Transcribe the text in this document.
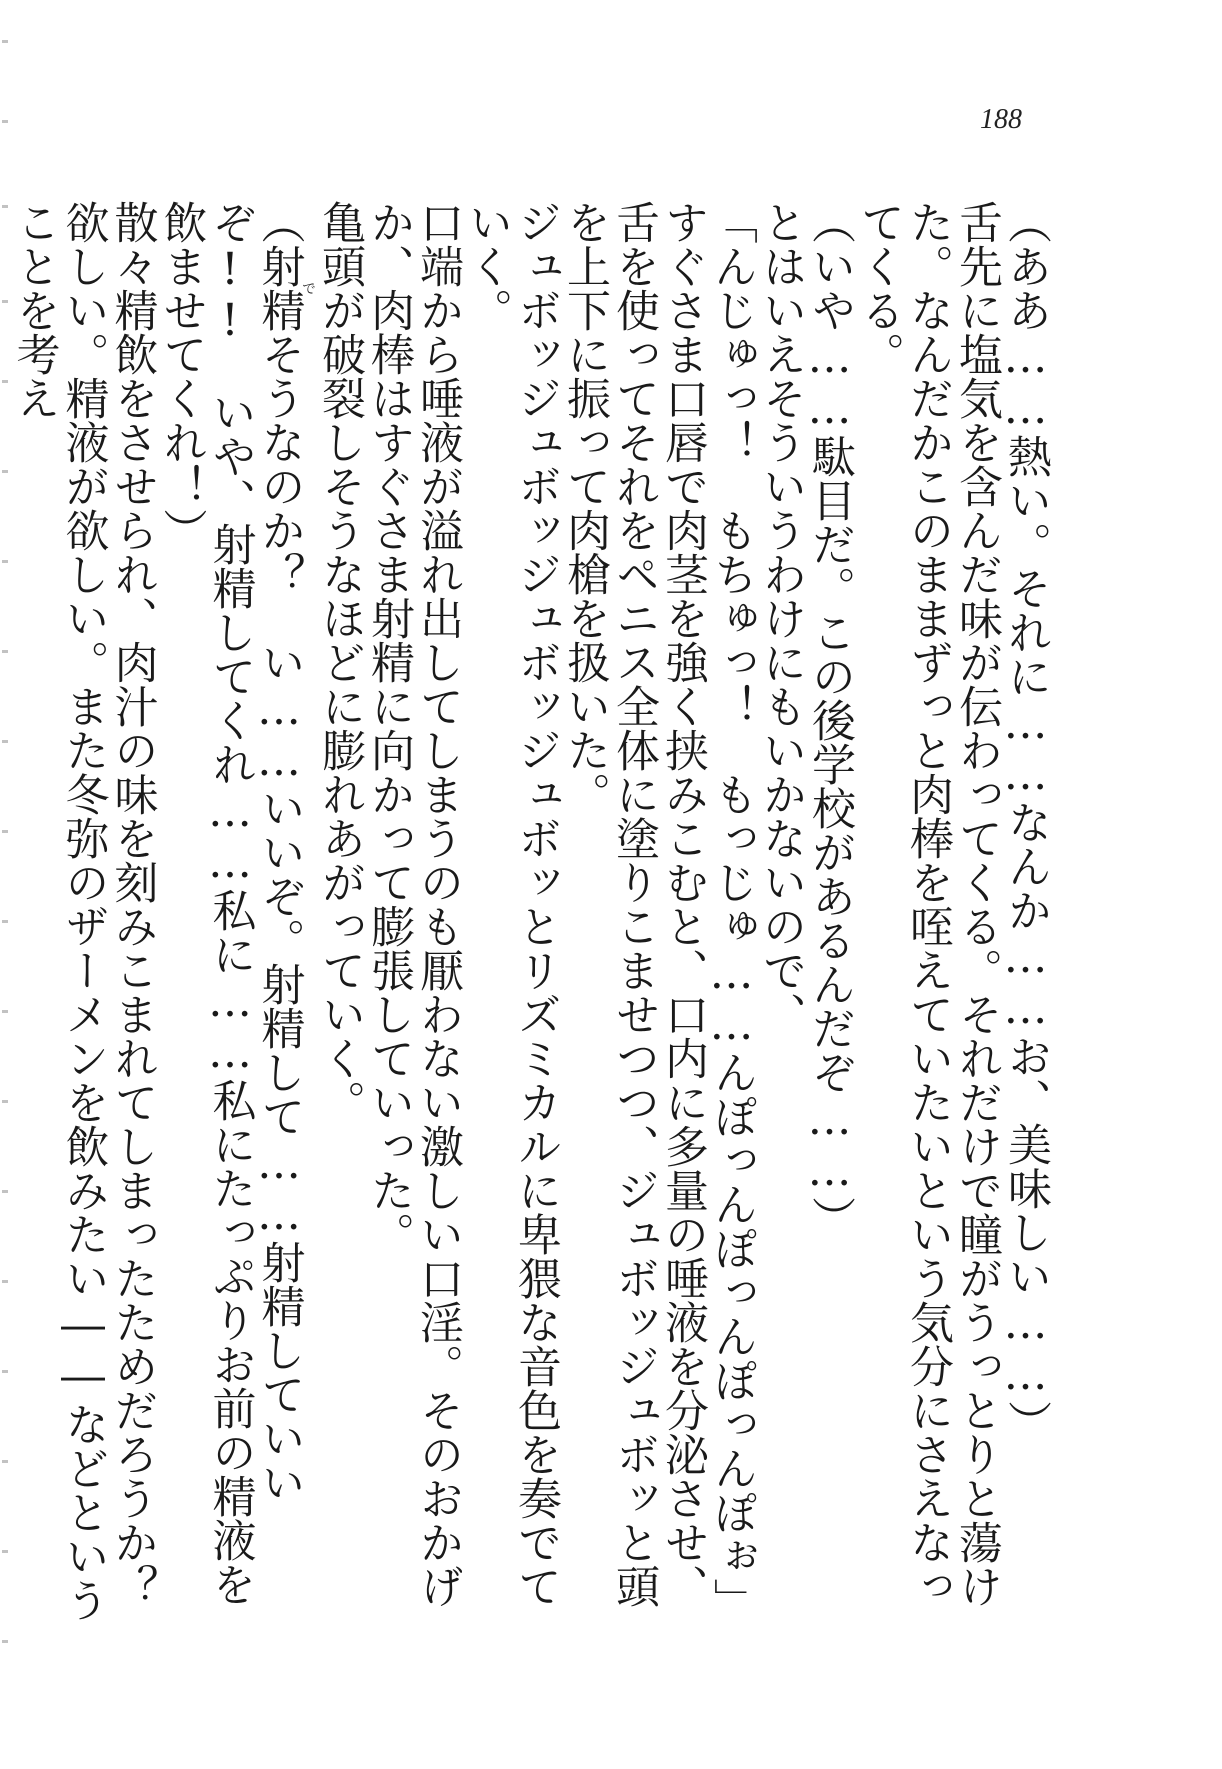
188

（ああ……熱い。それに……なんか……お、美味しい……）

舌先に塩気を含んだ味が伝わってくる。それだけで瞳がうっとりと蕩けた。なんだかこのままずっと肉棒を咥えていたいという気分にさえなってくる。

（いや……駄目だ。この後学校があるんだぞ……）

とはいえそういうわけにもいかないので、

「んじゅっ！　もちゅっ！　もっじゅ……んぽっんぽっんぽっんぽぉ」

すぐさま口唇で肉茎を強く挟みこむと、口内に多量の唾液を分泌させ、舌を使ってそれをペニス全体に塗りこませつつ、ジュボッジュボッと頭を上下に振って肉槍を扱いた。

ジュボッジュボッジュボッジュボッとリズミカルに卑猥な音色を奏でていく。

口端から唾液が溢れ出してしまうのも厭わない激しい口淫。そのおかげか、肉棒はすぐさま射精に向かって膨張していった。

亀頭が破裂しそうなほどに膨れあがっていく。

（射精でそうなのか？　い……いいぞ。射精して……射精していいぞ!!　いや、射精してくれ……私に……私にたっぷりお前の精液を飲ませてくれ！）

散々精飲をさせられ、肉汁の味を刻みこまれてしまったためだろうか？

欲しい。精液が欲しい。また冬弥のザーメンを飲みたい――などということを考え
